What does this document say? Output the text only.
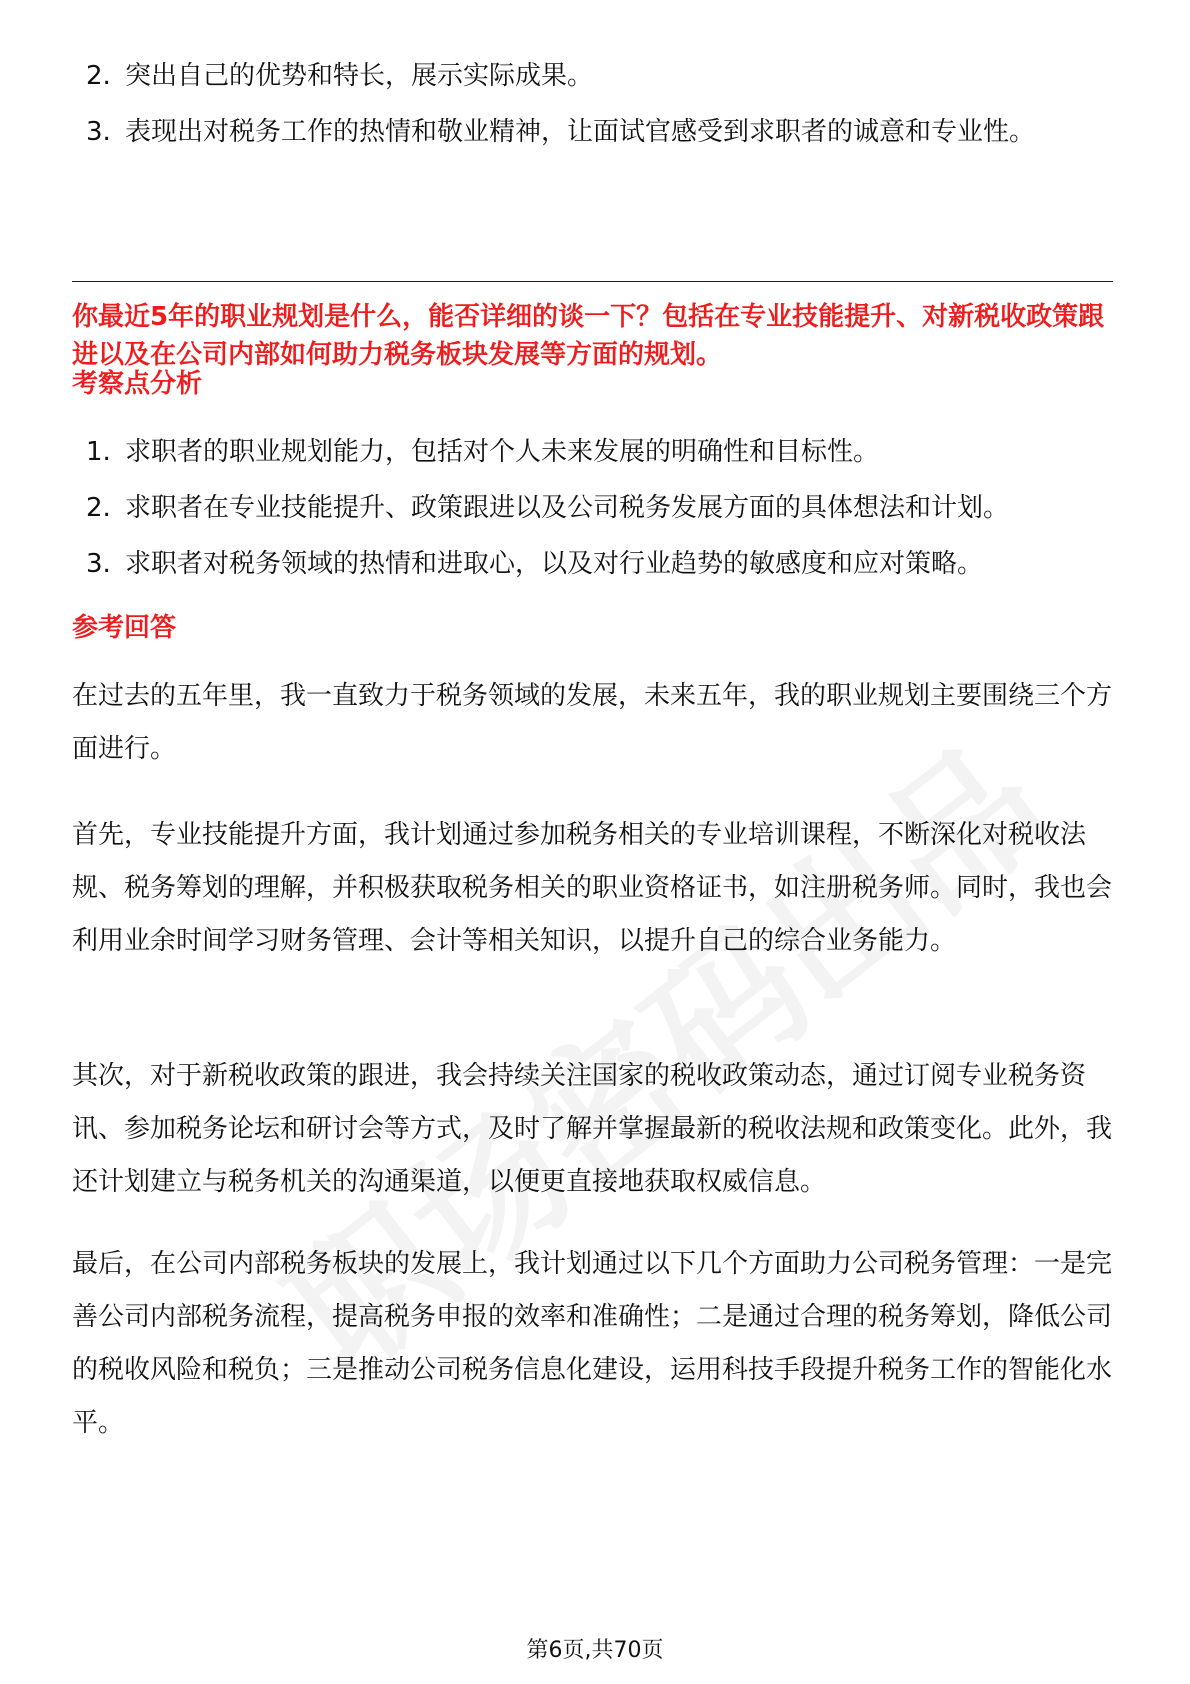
2. 突出自己的优势和特长，展示实际成果。
3. 表现出对税务工作的热情和敬业精神，让面试官感受到求职者的诚意和专业性。

你最近5年的职业规划是什么，能否详细的谈一下？包括在专业技能提升、对新税收政策跟进以及在公司内部如何助力税务板块发展等方面的规划。

考察点分析

1. 求职者的职业规划能力，包括对个人未来发展的明确性和目标性。
2. 求职者在专业技能提升、政策跟进以及公司税务发展方面的具体想法和计划。
3. 求职者对税务领域的热情和进取心，以及对行业趋势的敏感度和应对策略。

参考回答

在过去的五年里，我一直致力于税务领域的发展，未来五年，我的职业规划主要围绕三个方面进行。

首先，专业技能提升方面，我计划通过参加税务相关的专业培训课程，不断深化对税收法规、税务筹划的理解，并积极获取税务相关的职业资格证书，如注册税务师。同时，我也会利用业余时间学习财务管理、会计等相关知识，以提升自己的综合业务能力。

其次，对于新税收政策的跟进，我会持续关注国家的税收政策动态，通过订阅专业税务资讯、参加税务论坛和研讨会等方式，及时了解并掌握最新的税收法规和政策变化。此外，我还计划建立与税务机关的沟通渠道，以便更直接地获取权威信息。

最后，在公司内部税务板块的发展上，我计划通过以下几个方面助力公司税务管理：一是完善公司内部税务流程，提高税务申报的效率和准确性；二是通过合理的税务筹划，降低公司的税收风险和税负；三是推动公司税务信息化建设，运用科技手段提升税务工作的智能化水平。

第6页,共70页
